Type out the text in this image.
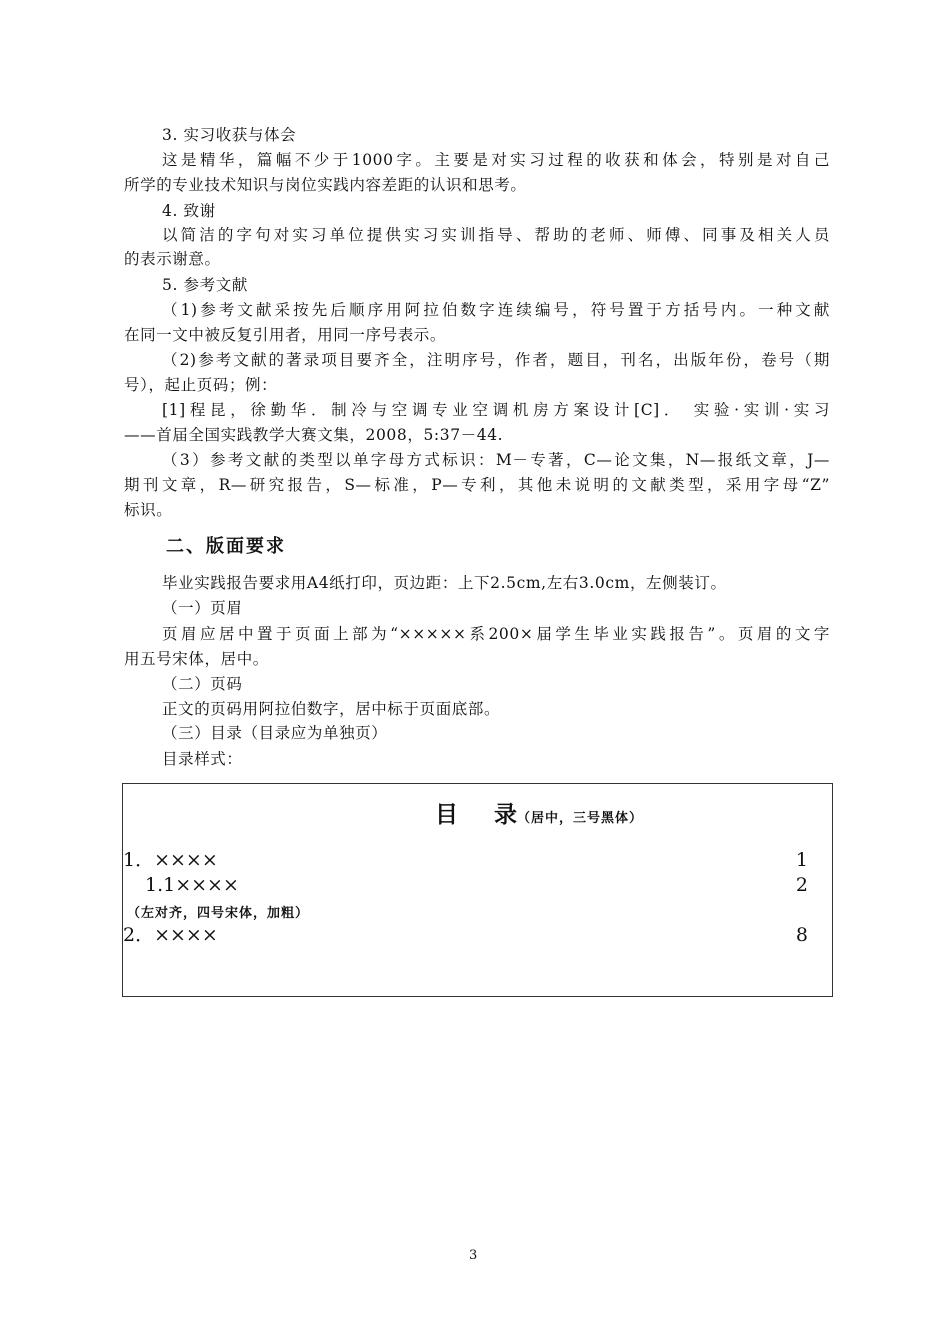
3. 实习收获与体会

这是精华，篇幅不少于1000字。主要是对实习过程的收获和体会，特别是对自己

所学的专业技术知识与岗位实践内容差距的认识和思考。

4. 致谢

以简洁的字句对实习单位提供实习实训指导、帮助的老师、师傅、同事及相关人员

的表示谢意。

5. 参考文献

（1)参考文献采按先后顺序用阿拉伯数字连续编号，符号置于方括号内。一种文献

在同一文中被反复引用者，用同一序号表示。

（2)参考文献的著录项目要齐全，注明序号，作者，题目，刊名，出版年份，卷号（期

号），起止页码；例：

[1]程昆，徐勤华．制冷与空调专业空调机房方案设计[C]． 实验·实训·实习

——首届全国实践教学大赛文集，2008，5:37－44.

（3）参考文献的类型以单字母方式标识：M－专著，C—论文集，N—报纸文章，J—

期刊文章，R—研究报告，S—标准，P—专利，其他未说明的文献类型，采用字母“Z”

标识。

二、版面要求

毕业实践报告要求用A4纸打印，页边距：上下2.5cm,左右3.0cm，左侧装订。

（一）页眉

页眉应居中置于页面上部为“×××××系200×届学生毕业实践报告”。页眉的文字

用五号宋体，居中。

（二）页码

正文的页码用阿拉伯数字，居中标于页面底部。

（三）目录（目录应为单独页）

目录样式：

目 录（居中，三号黑体）
1．××××	1
1.1××××	2
（左对齐，四号宋体，加粗）
2．××××	8
3
